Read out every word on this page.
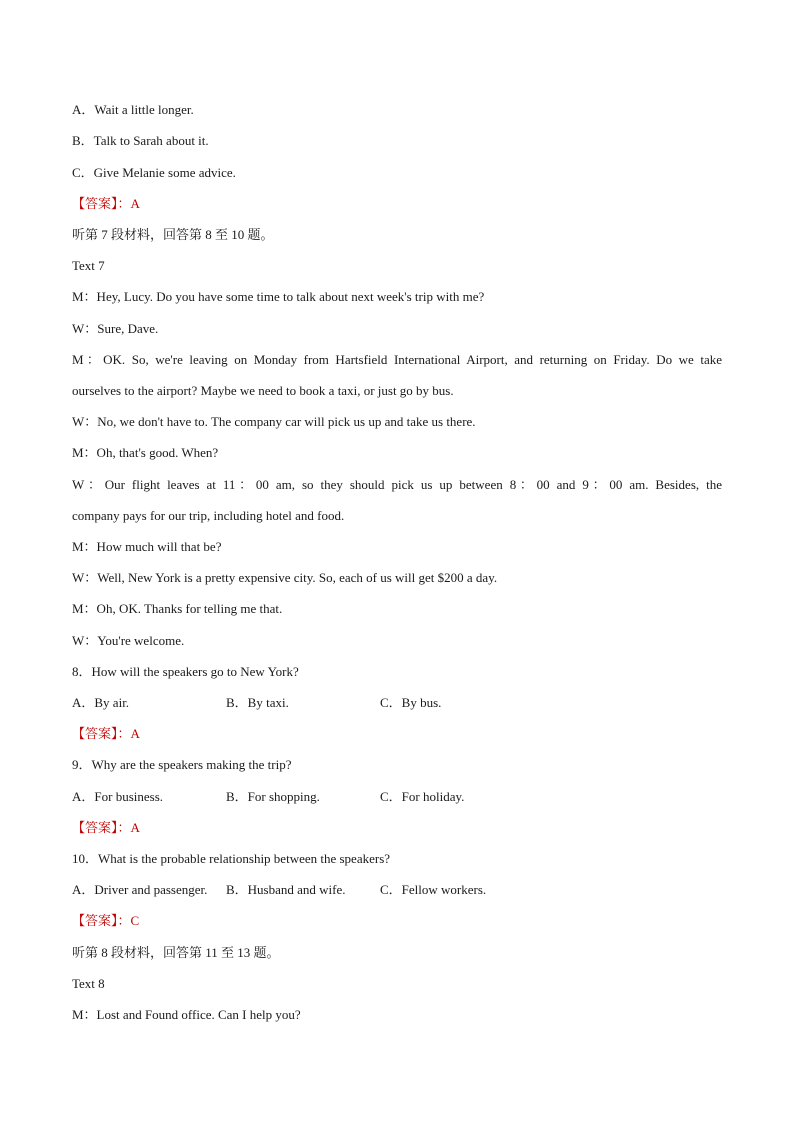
A．Wait a little longer.
B．Talk to Sarah about it.
C．Give Melanie some advice.
【答案】：A
听第 7 段材料，回答第 8 至 10 题。
Text 7
M：Hey, Lucy. Do you have some time to talk about next week's trip with me?
W：Sure, Dave.
M：OK. So, we're leaving on Monday from Hartsfield International Airport, and returning on Friday. Do we take
ourselves to the airport? Maybe we need to book a taxi, or just go by bus.
W：No, we don't have to. The company car will pick us up and take us there.
M：Oh, that's good. When?
W：Our flight leaves at 11：00 am, so they should pick us up between 8：00 and 9：00 am. Besides, the
company pays for our trip, including hotel and food.
M：How much will that be?
W：Well, New York is a pretty expensive city. So, each of us will get $200 a day.
M：Oh, OK. Thanks for telling me that.
W：You're welcome.
8．How will the speakers go to New York?
A．By air.	B．By taxi.	C．By bus.
【答案】：A
9．Why are the speakers making the trip?
A．For business.	B．For shopping.	C．For holiday.
【答案】：A
10．What is the probable relationship between the speakers?
A．Driver and passenger. B．Husband and wife.	C．Fellow workers.
【答案】：C
听第 8 段材料，回答第 11 至 13 题。
Text 8
M：Lost and Found office. Can I help you?
